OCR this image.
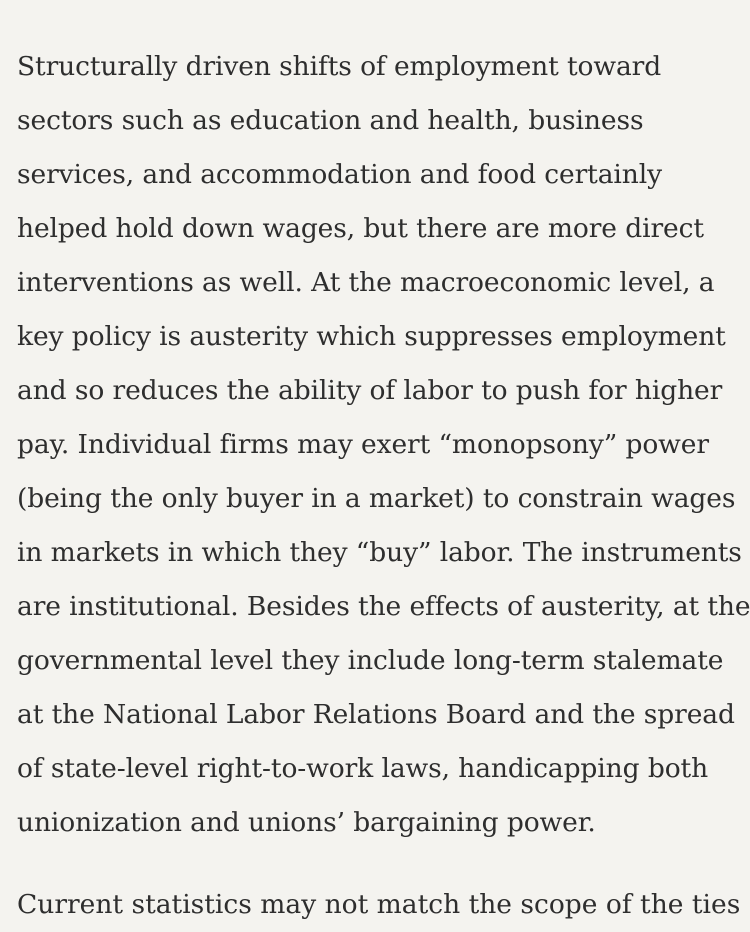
Structurally driven shifts of employment toward
sectors such as education and health, business
services, and accommodation and food certainly
helped hold down wages, but there are more direct
interventions as well. At the macroeconomic level, a
key policy is austerity which suppresses employment
and so reduces the ability of labor to push for higher
pay. Individual firms may exert “monopsony” power
(being the only buyer in a market) to constrain wages
in markets in which they “buy” labor. The instruments
are institutional. Besides the effects of austerity, at the
governmental level they include long-term stalemate
at the National Labor Relations Board and the spread
of state-level right-to-work laws, handicapping both
unionization and unions’ bargaining power.
Current statistics may not match the scope of the ties
